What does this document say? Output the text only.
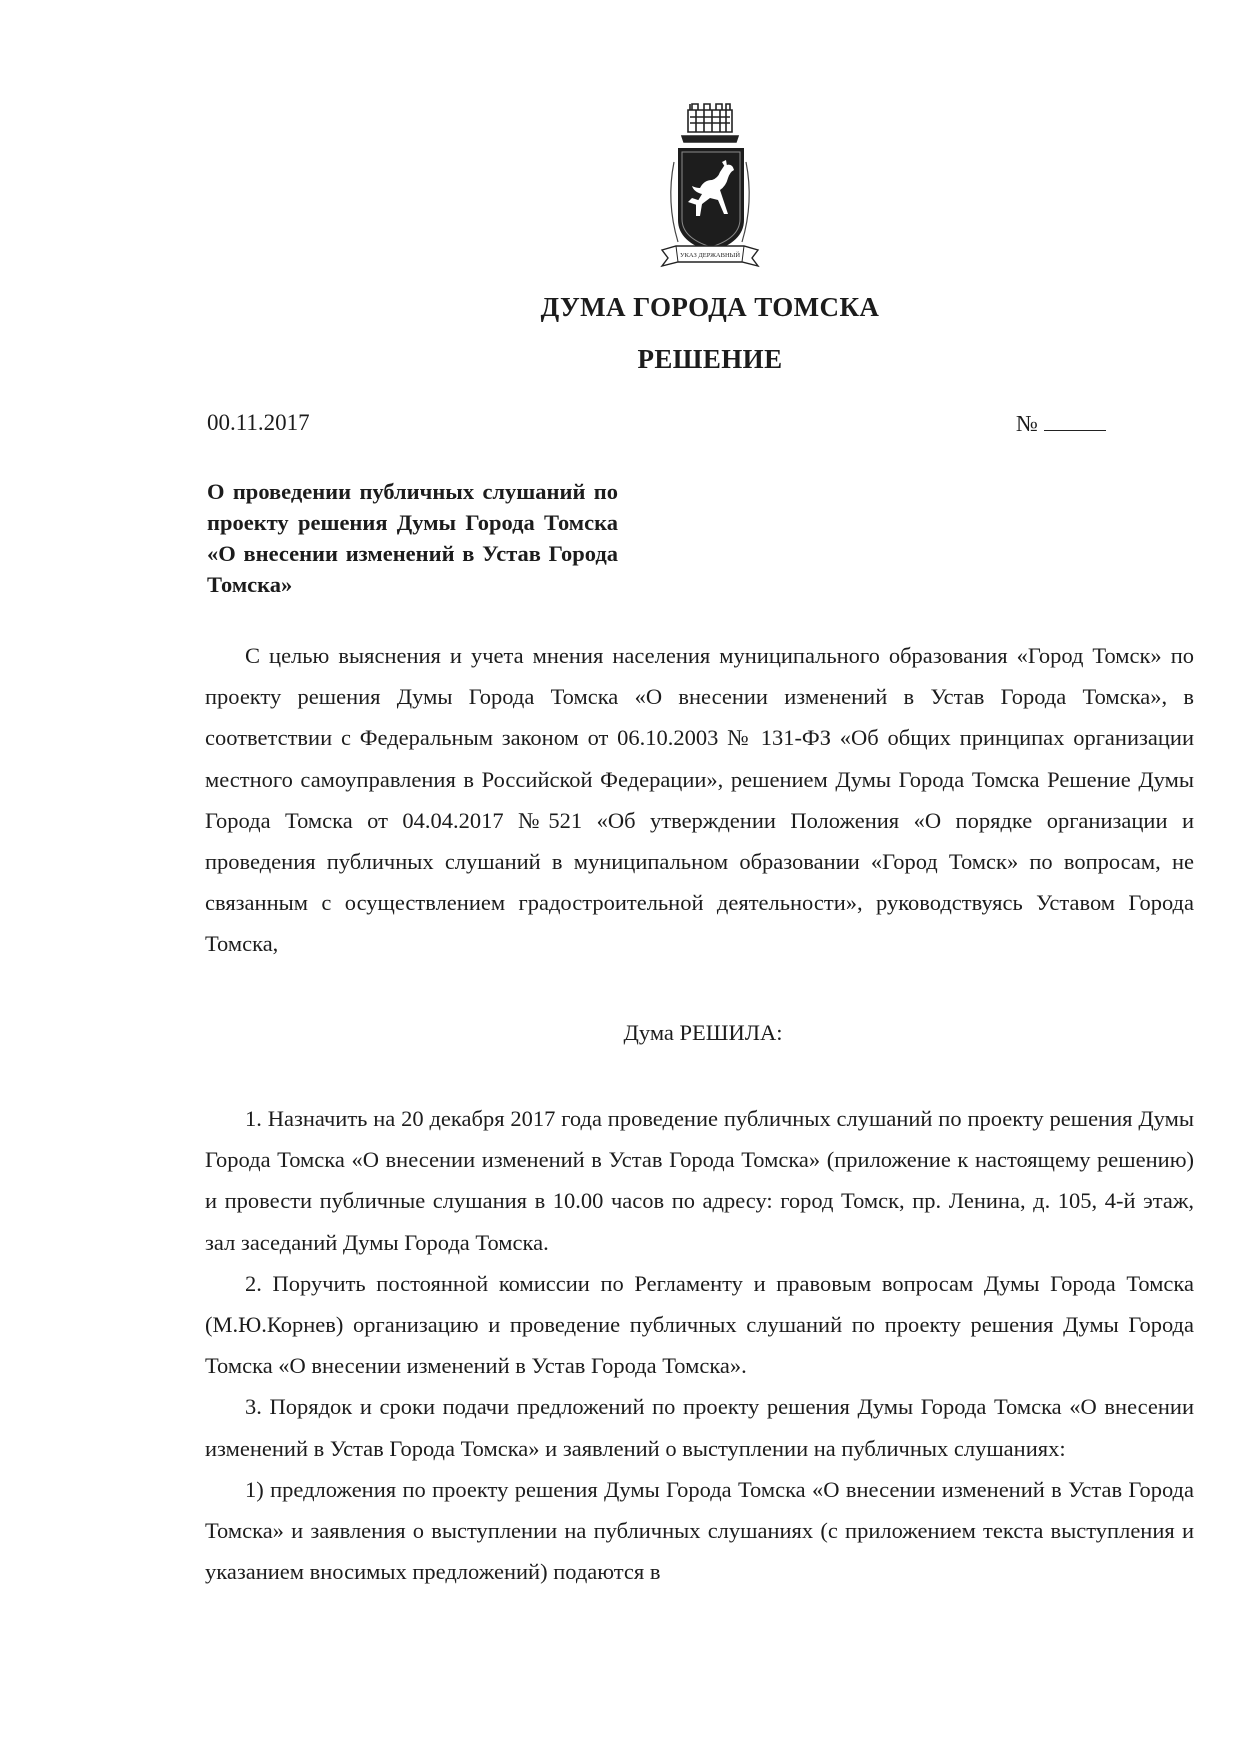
УКАЗ ДЕРЖАВНЫЙ
ДУМА ГОРОДА ТОМСКА
РЕШЕНИЕ
00.11.2017	№
О проведении публичных слушаний по проекту решения Думы Города Томска «О внесении изменений в Устав Города Томска»
С целью выяснения и учета мнения населения муниципального образования «Город Томск» по проекту решения Думы Города Томска «О внесении изменений в Устав Города Томска», в соответствии с Федеральным законом от 06.10.2003 № 131-ФЗ «Об общих принципах организации местного самоуправления в Российской Федерации», решением Думы Города Томска Решение Думы Города Томска от 04.04.2017 №521 «Об утверждении Положения «О порядке организации и проведения публичных слушаний в муниципальном образовании «Город Томск» по вопросам, не связанным с осуществлением градостроительной деятельности», руководствуясь Уставом Города Томска,
Дума РЕШИЛА:

1. Назначить на 20 декабря 2017 года проведение публичных слушаний по проекту решения Думы Города Томска «О внесении изменений в Устав Города Томска» (приложение к настоящему решению) и провести публичные слушания в 10.00 часов по адресу: город Томск, пр. Ленина, д. 105, 4-й этаж, зал заседаний Думы Города Томска.

2. Поручить постоянной комиссии по Регламенту и правовым вопросам Думы Города Томска (М.Ю.Корнев) организацию и проведение публичных слушаний по проекту решения Думы Города Томска «О внесении изменений в Устав Города Томска».

3. Порядок и сроки подачи предложений по проекту решения Думы Города Томска «О внесении изменений в Устав Города Томска» и заявлений о выступлении на публичных слушаниях:

1) предложения по проекту решения Думы Города Томска «О внесении изменений в Устав Города Томска» и заявления о выступлении на публичных слушаниях (с приложением текста выступления и указанием вносимых предложений) подаются в
